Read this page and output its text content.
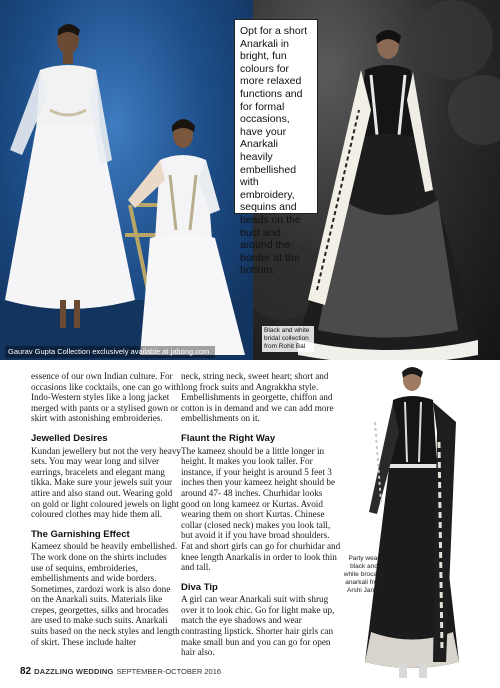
Gaurav Gupta Collection exclusively available at jabong.com
Opt for a short Anarkali in bright, fun colours for more relaxed functions and for formal occasions, have your Anarkali heavily embellished with embroidery, sequins and beads on the bust and around the border at the bottom.
Black and white bridal collection from Rohit Bal

essence of our own Indian culture. For occasions like cocktails, one can go with Indo-Western styles like a long jacket merged with pants or a stylised gown or skirt with astonishing embroideries.

Jewelled Desires

Kundan jewellery but not the very heavy sets. You may wear long and silver earrings, bracelets and elegant mang tikka. Make sure your jewels suit your attire and also stand out. Wearing gold on gold or light coloured jewels on light coloured clothes may hide them all.

The Garnishing Effect

Kameez should be heavily embellished. The work done on the shirts includes use of sequins, embroideries, embellishments and wide borders. Sometimes, zardozi work is also done on the Anarkali suits. Materials like crepes, georgettes, silks and brocades are used to make such suits. Anarkali suits based on the neck styles and length of skirt. These include halter

neck, string neck, sweet heart; short and long frock suits and Angrakkha style. Embellishments in georgette, chiffon and cotton is in demand and we can add more embellishments on it.

Flaunt the Right Way

The kameez should be a little longer in height. It makes you look taller. For instance, if your height is around 5 feet 3 inches then your kameez height should be around 47- 48 inches. Churhidar looks good on long kameez or Kurtas. Avoid wearing them on short Kurtas. Chinese collar (closed neck) makes you look tall, but avoid it if you have broad shoulders.

Fat and short girls can go for churhidar and knee length Anarkalis in order to look thin and tall.

Diva Tip

A girl can wear Anarkali suit with shrug over it to look chic. Go for light make up, match the eye shadows and wear contrasting lipstick. Shorter hair girls can make small bun and you can go for open hair also.

Party wear black and white brocade anarkali from Arshi Jamal
82 DAZZLING WEDDING SEPTEMBER-OCTOBER 2016
